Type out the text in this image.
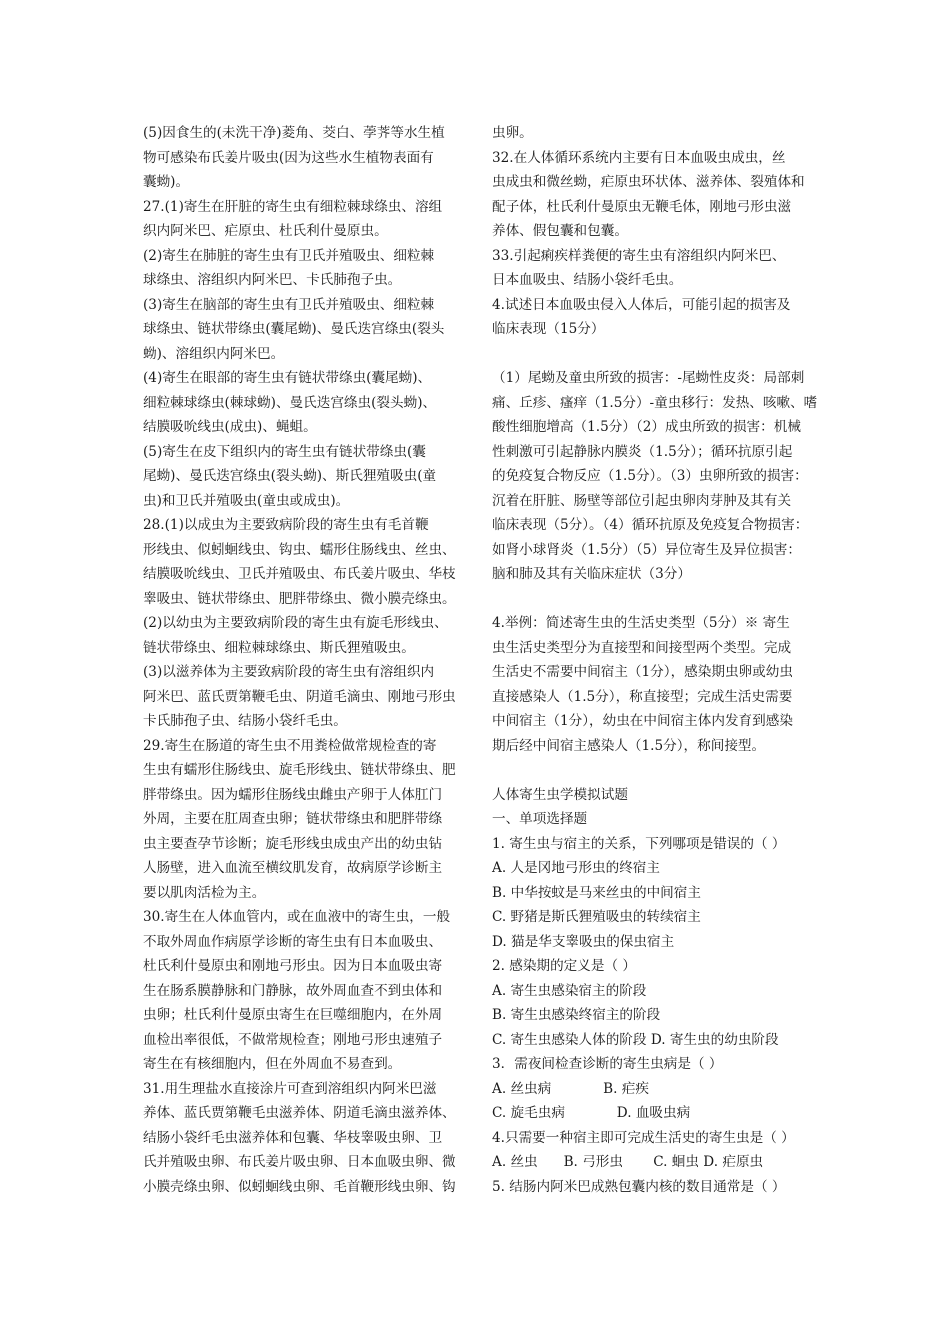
(5)因食生的(未洗干净)菱角、茭白、荸荠等水生植
物可感染布氏姜片吸虫(因为这些水生植物表面有
囊蚴)。
27.(1)寄生在肝脏的寄生虫有细粒棘球绦虫、溶组
织内阿米巴、疟原虫、杜氏利什曼原虫。
(2)寄生在肺脏的寄生虫有卫氏并殖吸虫、细粒棘
球绦虫、溶组织内阿米巴、卡氏肺孢子虫。
(3)寄生在脑部的寄生虫有卫氏并殖吸虫、细粒棘
球绦虫、链状带绦虫(囊尾蚴)、曼氏迭宫绦虫(裂头
蚴)、溶组织内阿米巴。
(4)寄生在眼部的寄生虫有链状带绦虫(囊尾蚴)、
细粒棘球绦虫(棘球蚴)、曼氏迭宫绦虫(裂头蚴)、
结膜吸吮线虫(成虫)、蝇蛆。
(5)寄生在皮下组织内的寄生虫有链状带绦虫(囊
尾蚴)、曼氏迭宫绦虫(裂头蚴)、斯氏狸殖吸虫(童
虫)和卫氏并殖吸虫(童虫或成虫)。
28.(1)以成虫为主要致病阶段的寄生虫有毛首鞭
形线虫、似蚓蛔线虫、钩虫、蠕形住肠线虫、丝虫、
结膜吸吮线虫、卫氏并殖吸虫、布氏姜片吸虫、华枝
睾吸虫、链状带绦虫、肥胖带绦虫、微小膜壳绦虫。
(2)以幼虫为主要致病阶段的寄生虫有旋毛形线虫、
链状带绦虫、细粒棘球绦虫、斯氏狸殖吸虫。
(3)以滋养体为主要致病阶段的寄生虫有溶组织内
阿米巴、蓝氏贾第鞭毛虫、阴道毛滴虫、刚地弓形虫
卡氏肺孢子虫、结肠小袋纤毛虫。
29.寄生在肠道的寄生虫不用粪检做常规检查的寄
生虫有蠕形住肠线虫、旋毛形线虫、链状带绦虫、肥
胖带绦虫。因为蠕形住肠线虫雌虫产卵于人体肛门
外周，主要在肛周查虫卵；链状带绦虫和肥胖带绦
虫主要查孕节诊断；旋毛形线虫成虫产出的幼虫钻
人肠壁，进入血流至横纹肌发育，故病原学诊断主
要以肌肉活检为主。
30.寄生在人体血管内，或在血液中的寄生虫，一般
不取外周血作病原学诊断的寄生虫有日本血吸虫、
杜氏利什曼原虫和刚地弓形虫。因为日本血吸虫寄
生在肠系膜静脉和门静脉，故外周血查不到虫体和
虫卵；杜氏利什曼原虫寄生在巨噬细胞内，在外周
血检出率很低，不做常规检查；刚地弓形虫速殖子
寄生在有核细胞内，但在外周血不易查到。
31.用生理盐水直接涂片可查到溶组织内阿米巴滋
养体、蓝氏贾第鞭毛虫滋养体、阴道毛滴虫滋养体、
结肠小袋纤毛虫滋养体和包囊、华枝睾吸虫卵、卫
氏并殖吸虫卵、布氏姜片吸虫卵、日本血吸虫卵、微
小膜壳绦虫卵、似蚓蛔线虫卵、毛首鞭形线虫卵、钩
虫卵。
32.在人体循环系统内主要有日本血吸虫成虫，丝
虫成虫和微丝蚴，疟原虫环状体、滋养体、裂殖体和
配子体，杜氏利什曼原虫无鞭毛体，刚地弓形虫滋
养体、假包囊和包囊。
33.引起痢疾样粪便的寄生虫有溶组织内阿米巴、
日本血吸虫、结肠小袋纤毛虫。
4.试述日本血吸虫侵入人体后，可能引起的损害及
临床表现（15分）
（1）尾蚴及童虫所致的损害：-尾蚴性皮炎：局部刺
痛、丘疹、瘙痒（1.5分）-童虫移行：发热、咳嗽、嗜
酸性细胞增高（1.5分）（2）成虫所致的损害：机械
性刺激可引起静脉内膜炎（1.5分）；循环抗原引起
的免疫复合物反应（1.5分）。（3）虫卵所致的损害：
沉着在肝脏、肠壁等部位引起虫卵肉芽肿及其有关
临床表现（5分）。（4）循环抗原及免疫复合物损害：
如肾小球肾炎（1.5分）（5）异位寄生及异位损害：
脑和肺及其有关临床症状（3分）
4.举例：简述寄生虫的生活史类型（5分）※ 寄生
虫生活史类型分为直接型和间接型两个类型。完成
生活史不需要中间宿主（1分），感染期虫卵或幼虫
直接感染人（1.5分），称直接型；完成生活史需要
中间宿主（1分），幼虫在中间宿主体内发育到感染
期后经中间宿主感染人（1.5分），称间接型。
人体寄生虫学模拟试题
一、单项选择题
1. 寄生虫与宿主的关系，下列哪项是错误的（ ）
A. 人是冈地弓形虫的终宿主
B. 中华按蚊是马来丝虫的中间宿主
C. 野猪是斯氏狸殖吸虫的转续宿主
D. 猫是华支睾吸虫的保虫宿主
2. 感染期的定义是（ ）
A. 寄生虫感染宿主的阶段
B. 寄生虫感染终宿主的阶段
C. 寄生虫感染人体的阶段 D. 寄生虫的幼虫阶段
3．需夜间检查诊断的寄生虫病是（ ）
A. 丝虫病            B. 疟疾
C. 旋毛虫病            D. 血吸虫病
4.只需要一种宿主即可完成生活史的寄生虫是（ ）
A. 丝虫      B. 弓形虫       C. 蛔虫 D. 疟原虫
5. 结肠内阿米巴成熟包囊内核的数目通常是（ ）
